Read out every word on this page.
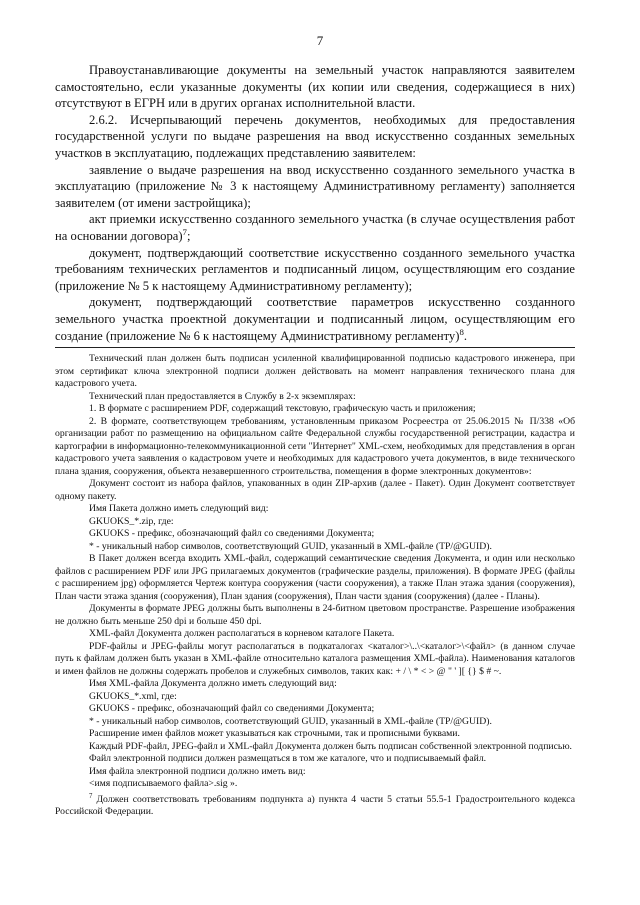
7

Правоустанавливающие документы на земельный участок направляются заявителем самостоятельно, если указанные документы (их копии или сведения, содержащиеся в них) отсутствуют в ЕГРН или в других органах исполнительной власти.

2.6.2. Исчерпывающий перечень документов, необходимых для предоставления государственной услуги по выдаче разрешения на ввод искусственно созданных земельных участков в эксплуатацию, подлежащих представлению заявителем:

заявление о выдаче разрешения на ввод искусственно созданного земельного участка в эксплуатацию (приложение № 3 к настоящему Административному регламенту) заполняется заявителем (от имени застройщика);

акт приемки искусственно созданного земельного участка (в случае осуществления работ на основании договора)$^7$;

документ, подтверждающий соответствие искусственно созданного земельного участка требованиям технических регламентов и подписанный лицом, осуществляющим его создание (приложение № 5 к настоящему Административному регламенту);

документ, подтверждающий соответствие параметров искусственно созданного земельного участка проектной документации и подписанный лицом, осуществляющим его создание (приложение № 6 к настоящему Административному регламенту)$^8$.

Технический план должен быть подписан усиленной квалифицированной подписью кадастрового инженера, при этом сертификат ключа электронной подписи должен действовать на момент направления технического плана для кадастрового учета.

Технический план предоставляется в Службу в 2-х экземплярах:

1. В формате с расширением PDF, содержащий текстовую, графическую часть и приложения;

2. В формате, соответствующем требованиям, установленным приказом Росреестра от 25.06.2015 № П/338 «Об организации работ по размещению на официальном сайте Федеральной службы государственной регистрации, кадастра и картографии в информационно-телекоммуникационной сети "Интернет" XML-схем, необходимых для представления в орган кадастрового учета заявления о кадастровом учете и необходимых для кадастрового учета документов, в виде технического плана здания, сооружения, объекта незавершенного строительства, помещения в форме электронных документов»:

Документ состоит из набора файлов, упакованных в один ZIP-архив (далее - Пакет). Один Документ соответствует одному пакету.

Имя Пакета должно иметь следующий вид:

GKUOKS_*.zip, где:

GKUOKS - префикс, обозначающий файл со сведениями Документа;

* - уникальный набор символов, соответствующий GUID, указанный в XML-файле (TP/@GUID).

В Пакет должен всегда входить XML-файл, содержащий семантические сведения Документа, и один или несколько файлов с расширением PDF или JPG прилагаемых документов (графические разделы, приложения). В формате JPEG (файлы с расширением jpg) оформляется Чертеж контура сооружения (части сооружения), а также План этажа здания (сооружения), План части этажа здания (сооружения), План здания (сооружения), План части здания (сооружения) (далее - Планы).

Документы в формате JPEG должны быть выполнены в 24-битном цветовом пространстве. Разрешение изображения не должно быть меньше 250 dpi и больше 450 dpi.

XML-файл Документа должен располагаться в корневом каталоге Пакета.

PDF-файлы и JPEG-файлы могут располагаться в подкаталогах <каталог>\..\<каталог>\<файл> (в данном случае путь к файлам должен быть указан в XML-файле относительно каталога размещения XML-файла). Наименования каталогов и имен файлов не должны содержать пробелов и служебных символов, таких как: + / \ * < > @ " ' ][ {} $ # ~.

Имя XML-файла Документа должно иметь следующий вид:

GKUOKS_*.xml, где:

GKUOKS - префикс, обозначающий файл со сведениями Документа;

* - уникальный набор символов, соответствующий GUID, указанный в XML-файле (TP/@GUID).

Расширение имен файлов может указываться как строчными, так и прописными буквами.

Каждый PDF-файл, JPEG-файл и XML-файл Документа должен быть подписан собственной электронной подписью.

Файл электронной подписи должен размещаться в том же каталоге, что и подписываемый файл.

Имя файла электронной подписи должно иметь вид:

<имя подписываемого файла>.sig ».

$^7$ Должен соответствовать требованиям подпункта а) пункта 4 части 5 статьи 55.5-1 Градостроительного кодекса Российской Федерации.
